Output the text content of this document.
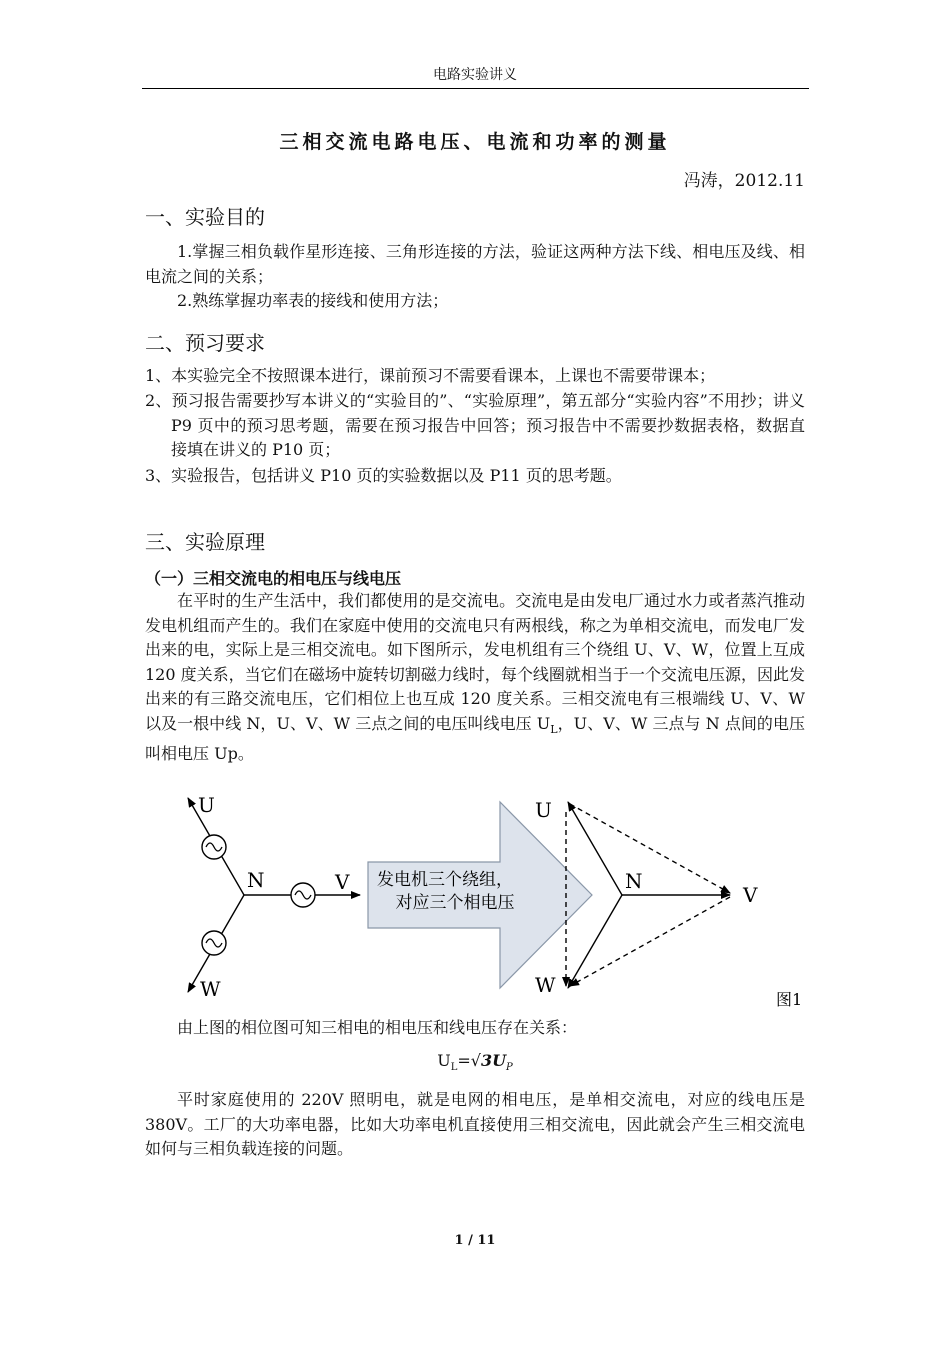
电路实验讲义
三相交流电路电压、电流和功率的测量
冯涛，2012.11
一、实验目的
1.掌握三相负载作星形连接、三角形连接的方法，验证这两种方法下线、相电压及线、相电流之间的关系；
2.熟练掌握功率表的接线和使用方法；
二、预习要求
1、本实验完全不按照课本进行，课前预习不需要看课本，上课也不需要带课本；
2、预习报告需要抄写本讲义的“实验目的”、“实验原理”，第五部分“实验内容”不用抄；讲义 P9 页中的预习思考题，需要在预习报告中回答；预习报告中不需要抄数据表格，数据直接填在讲义的 P10 页；
3、实验报告，包括讲义 P10 页的实验数据以及 P11 页的思考题。
三、实验原理
（一）三相交流电的相电压与线电压
在平时的生产生活中，我们都使用的是交流电。交流电是由发电厂通过水力或者蒸汽推动发电机组而产生的。我们在家庭中使用的交流电只有两根线，称之为单相交流电，而发电厂发出来的电，实际上是三相交流电。如下图所示，发电机组有三个绕组 U、V、W，位置上互成 120 度关系，当它们在磁场中旋转切割磁力线时，每个线圈就相当于一个交流电压源，因此发出来的有三路交流电压，它们相位上也互成 120 度关系。三相交流电有三根端线 U、V、W 以及一根中线 N，U、V、W 三点之间的电压叫线电压 $U_L$，U、V、W 三点与 N 点间的电压叫相电压 Up。
U
N	V
W
发电机三个绕组，
对应三个相电压
U
N
V
W
图1
由上图的相位图可知三相电的相电压和线电压存在关系：
$U_L=√3U_P$
平时家庭使用的 220V 照明电，就是电网的相电压，是单相交流电，对应的线电压是 380V。工厂的大功率电器，比如大功率电机直接使用三相交流电，因此就会产生三相交流电如何与三相负载连接的问题。
1 / 11
